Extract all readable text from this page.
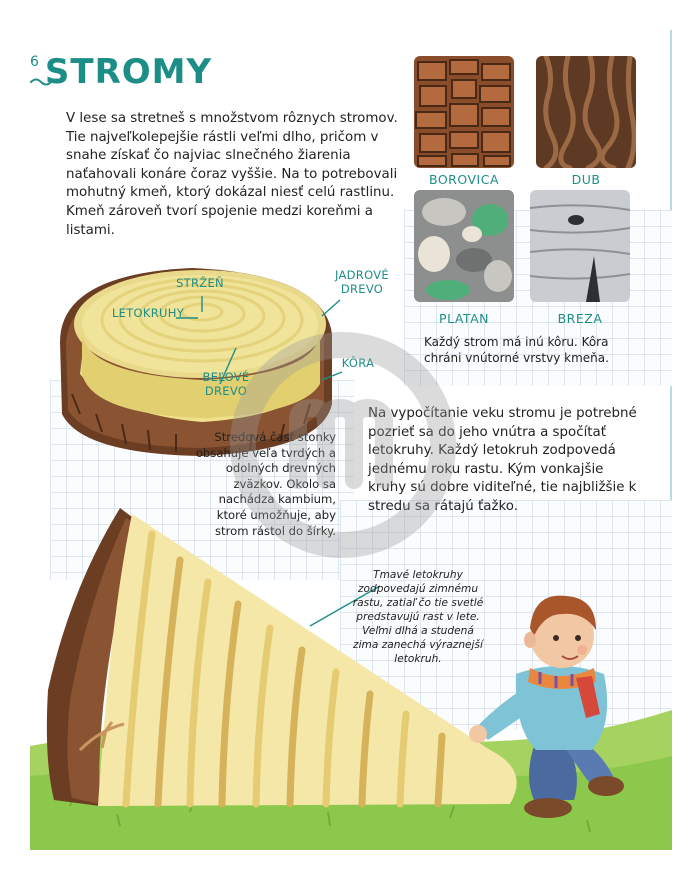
6 STROMY
V lese sa stretneš s množstvom rôznych stromov. Tie najveľkolepejšie rástli veľmi dlho, pričom v snahe získať čo najviac slnečného žiarenia naťahovali konáre čoraz vyššie. Na to potrebovali mohutný kmeň, ktorý dokázal niesť celú rastlinu. Kmeň zároveň tvorí spojenie medzi koreňmi a listami.
BOROVICA	DUB
PLATAN	BREZA
Každý strom má inú kôru. Kôra chráni vnútorné vrstvy kmeňa.
STRŽEŇ
LETOKRUHY
JADROVÉ
DREVO
KÔRA
BEĽOVÉ
DREVO
Stredová časť stonky obsahuje veľa tvrdých a odolných drevných zväzkov. Okolo sa nachádza kambium, ktoré umožňuje, aby strom rástol do šírky.
Na vypočítanie veku stromu je potrebné pozrieť sa do jeho vnútra a spočítať letokruhy. Každý letokruh zodpovedá jednému roku rastu. Kým vonkajšie kruhy sú dobre viditeľné, tie najbližšie k stredu sa rátajú ťažko.
Tmavé letokruhy zodpovedajú zimnému rastu, zatiaľ čo tie svetlé predstavujú rast v lete. Veľmi dlhá a studená zima zanechá výraznejší letokruh.
